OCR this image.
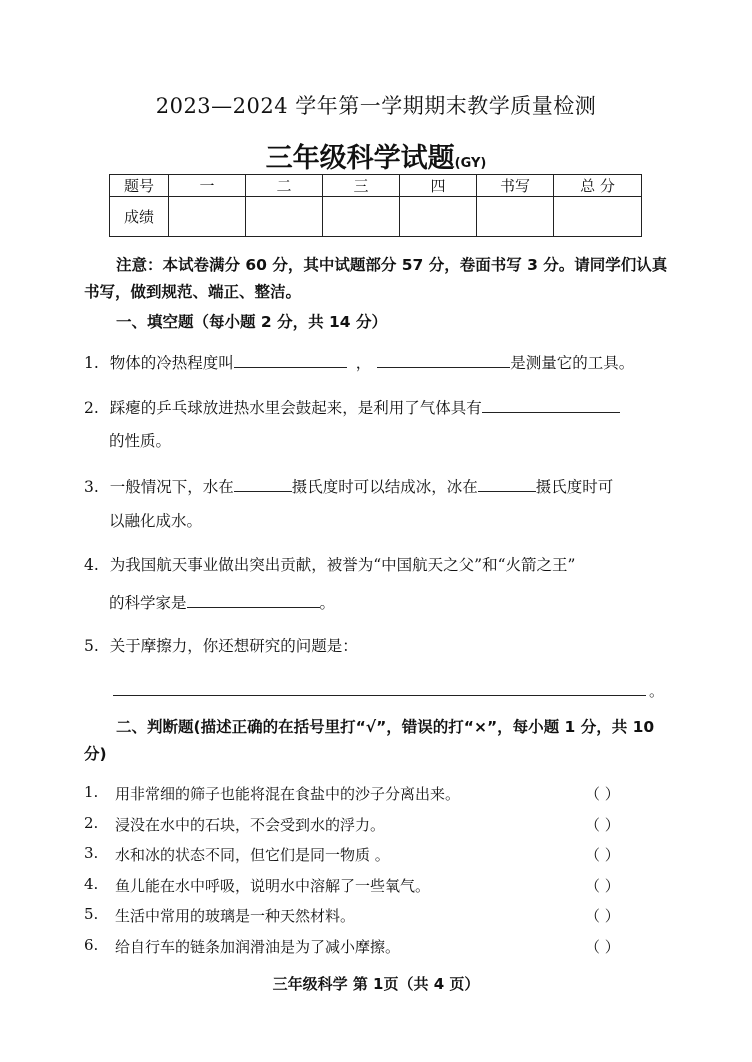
2023—2024 学年第一学期期末教学质量检测
三年级科学试题(GY)
题号	一	二	三	四	书写	总 分
成绩						
注意：本试卷满分 60 分，其中试题部分 57 分，卷面书写 3 分。请同学们认真书写，做到规范、端正、整洁。
一、填空题（每小题 2 分，共 14 分）
1. 物体的冷热程度叫	，	是测量它的工具。
2. 踩瘪的乒乓球放进热水里会鼓起来，是利用了气体具有
的性质。
3. 一般情况下，水在	摄氏度时可以结成冰，冰在	摄氏度时可
以融化成水。
4. 为我国航天事业做出突出贡献，被誉为“中国航天之父”和“火箭之王”
的科学家是	。
5. 关于摩擦力，你还想研究的问题是：
。
二、判断题(描述正确的在括号里打“√”，错误的打“×”，每小题 1 分，共 10 分)
1. 用非常细的筛子也能将混在食盐中的沙子分离出来。	（ ）
2. 浸没在水中的石块，不会受到水的浮力。	（ ）
3. 水和冰的状态不同，但它们是同一物质 。	（ ）
4. 鱼儿能在水中呼吸，说明水中溶解了一些氧气。	（ ）
5. 生活中常用的玻璃是一种天然材料。	（ ）
6. 给自行车的链条加润滑油是为了减小摩擦。	（ ）
三年级科学 第 1页（共 4 页）
